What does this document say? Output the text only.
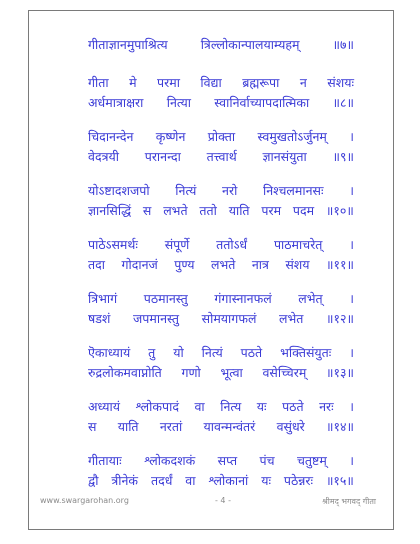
गीताज्ञानमुपाश्रित्य	त्रिल्लोकान्पालयाम्यहम्	॥७॥
गीता मे परमा विद्या ब्रह्मरूपा न संशयः
अर्धमात्राक्षरा नित्या स्वानिर्वाच्यापदात्मिका ॥८॥
चिदानन्देन कृष्णेन प्रोक्ता स्वमुखतोऽर्जुनम् ।
वेदत्रयी परानन्दा तत्त्वार्थ ज्ञानसंयुता ॥९॥
योऽष्टादशजपो नित्यं नरो निश्चलमानसः ।
ज्ञानसिद्धिं स लभते ततो याति परम पदम ॥१०॥
पाठेऽसमर्थः संपूर्णे ततोऽर्धं पाठमाचरेत् ।
तदा गोदानजं पुण्य लभते नात्र संशय ॥११॥
त्रिभागं पठमानस्तु गंगास्नानफलं लभेत् ।
षडशं जपमानस्तु सोमयागफलं लभेत ॥१२॥
ऎकाध्यायं तु यो नित्यं पठते भक्तिसंयुतः ।
रुद्रलोकमवाप्नोति गणो भूत्वा वसेच्चिरम् ॥१३॥
अध्यायं श्लोकपादं वा नित्य यः पठते नरः ।
स याति नरतां यावन्मन्वंतरं वसुंधरे ॥१४॥
गीतायाः श्लोकदशकं सप्त पंच चतुष्टम् ।
द्वौ त्रीनेकं तदर्धं वा श्लोकानां यः पठेन्नरः ॥१५॥
www.swargarohan.org	- 4 -	श्रीमद् भगवद् गीता
